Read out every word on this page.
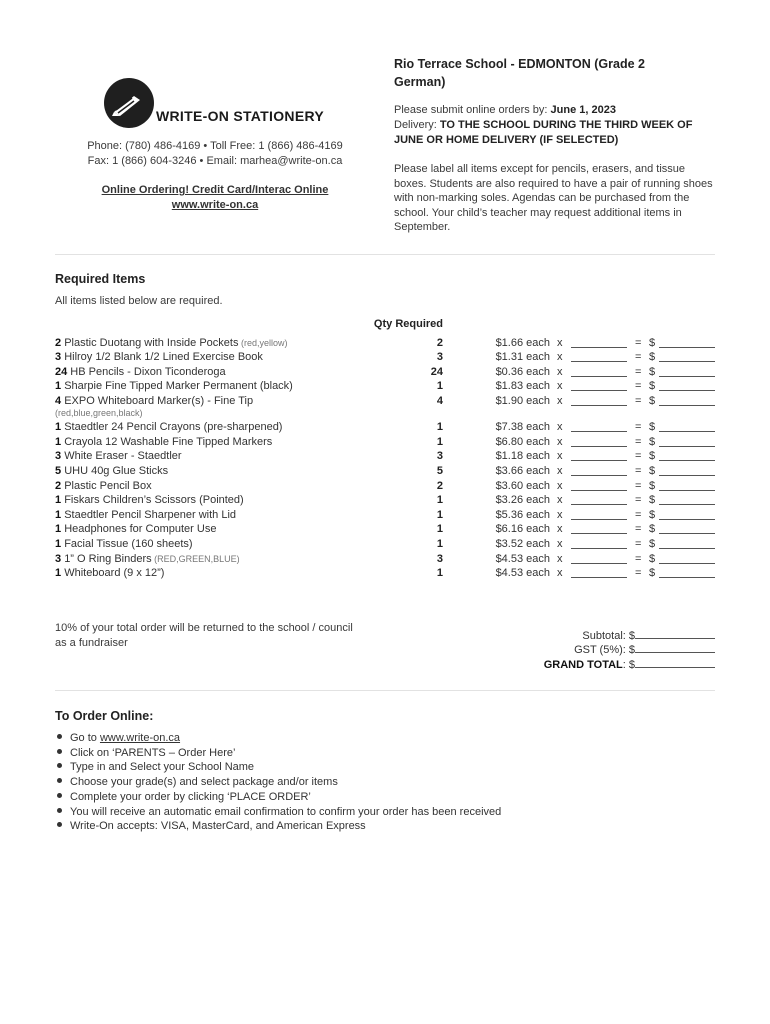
WRITE-ON STATIONERY
Phone: (780) 486-4169 • Toll Free: 1 (866) 486-4169
Fax: 1 (866) 604-3246 • Email: marhea@write-on.ca
Online Ordering! Credit Card/Interac Online
www.write-on.ca
Rio Terrace School - EDMONTON (Grade 2
German)
Please submit online orders by: June 1, 2023
Delivery: TO THE SCHOOL DURING THE THIRD WEEK OF
JUNE OR HOME DELIVERY (IF SELECTED)
Please label all items except for pencils, erasers, and tissue boxes. Students are also required to have a pair of running shoes with non-marking soles. Agendas can be purchased from the school. Your child’s teacher may request additional items in September.
Required Items
All items listed below are required.
Qty Required
2 Plastic Duotang with Inside Pockets (red,yellow)	2	$1.66 each x	= $
3 Hilroy 1/2 Blank 1/2 Lined Exercise Book	3	$1.31 each x	= $
24 HB Pencils - Dixon Ticonderoga	24	$0.36 each x	= $
1 Sharpie Fine Tipped Marker Permanent (black)	1	$1.83 each x	= $
4 EXPO Whiteboard Marker(s) - Fine Tip	4	$1.90 each x	= $
1 Staedtler 24 Pencil Crayons (pre-sharpened)	1	$7.38 each x	= $
1 Crayola 12 Washable Fine Tipped Markers	1	$6.80 each x	= $
3 White Eraser - Staedtler	3	$1.18 each x	= $
5 UHU 40g Glue Sticks	5	$3.66 each x	= $
2 Plastic Pencil Box	2	$3.60 each x	= $
1 Fiskars Children’s Scissors (Pointed)	1	$3.26 each x	= $
1 Staedtler Pencil Sharpener with Lid	1	$5.36 each x	= $
1 Headphones for Computer Use	1	$6.16 each x	= $
1 Facial Tissue (160 sheets)	1	$3.52 each x	= $
3 1” O Ring Binders (RED,GREEN,BLUE)	3	$4.53 each x	= $
1 Whiteboard (9 x 12”)	1	$4.53 each x	= $
(red,blue,green,black)
10% of your total order will be returned to the school / council as a fundraiser
Subtotal: $
GST (5%): $
GRAND TOTAL: $
To Order Online:
Go to www.write-on.ca
Click on ‘PARENTS – Order Here’
Type in and Select your School Name
Choose your grade(s) and select package and/or items
Complete your order by clicking ‘PLACE ORDER’
You will receive an automatic email confirmation to confirm your order has been received
Write-On accepts: VISA, MasterCard, and American Express
